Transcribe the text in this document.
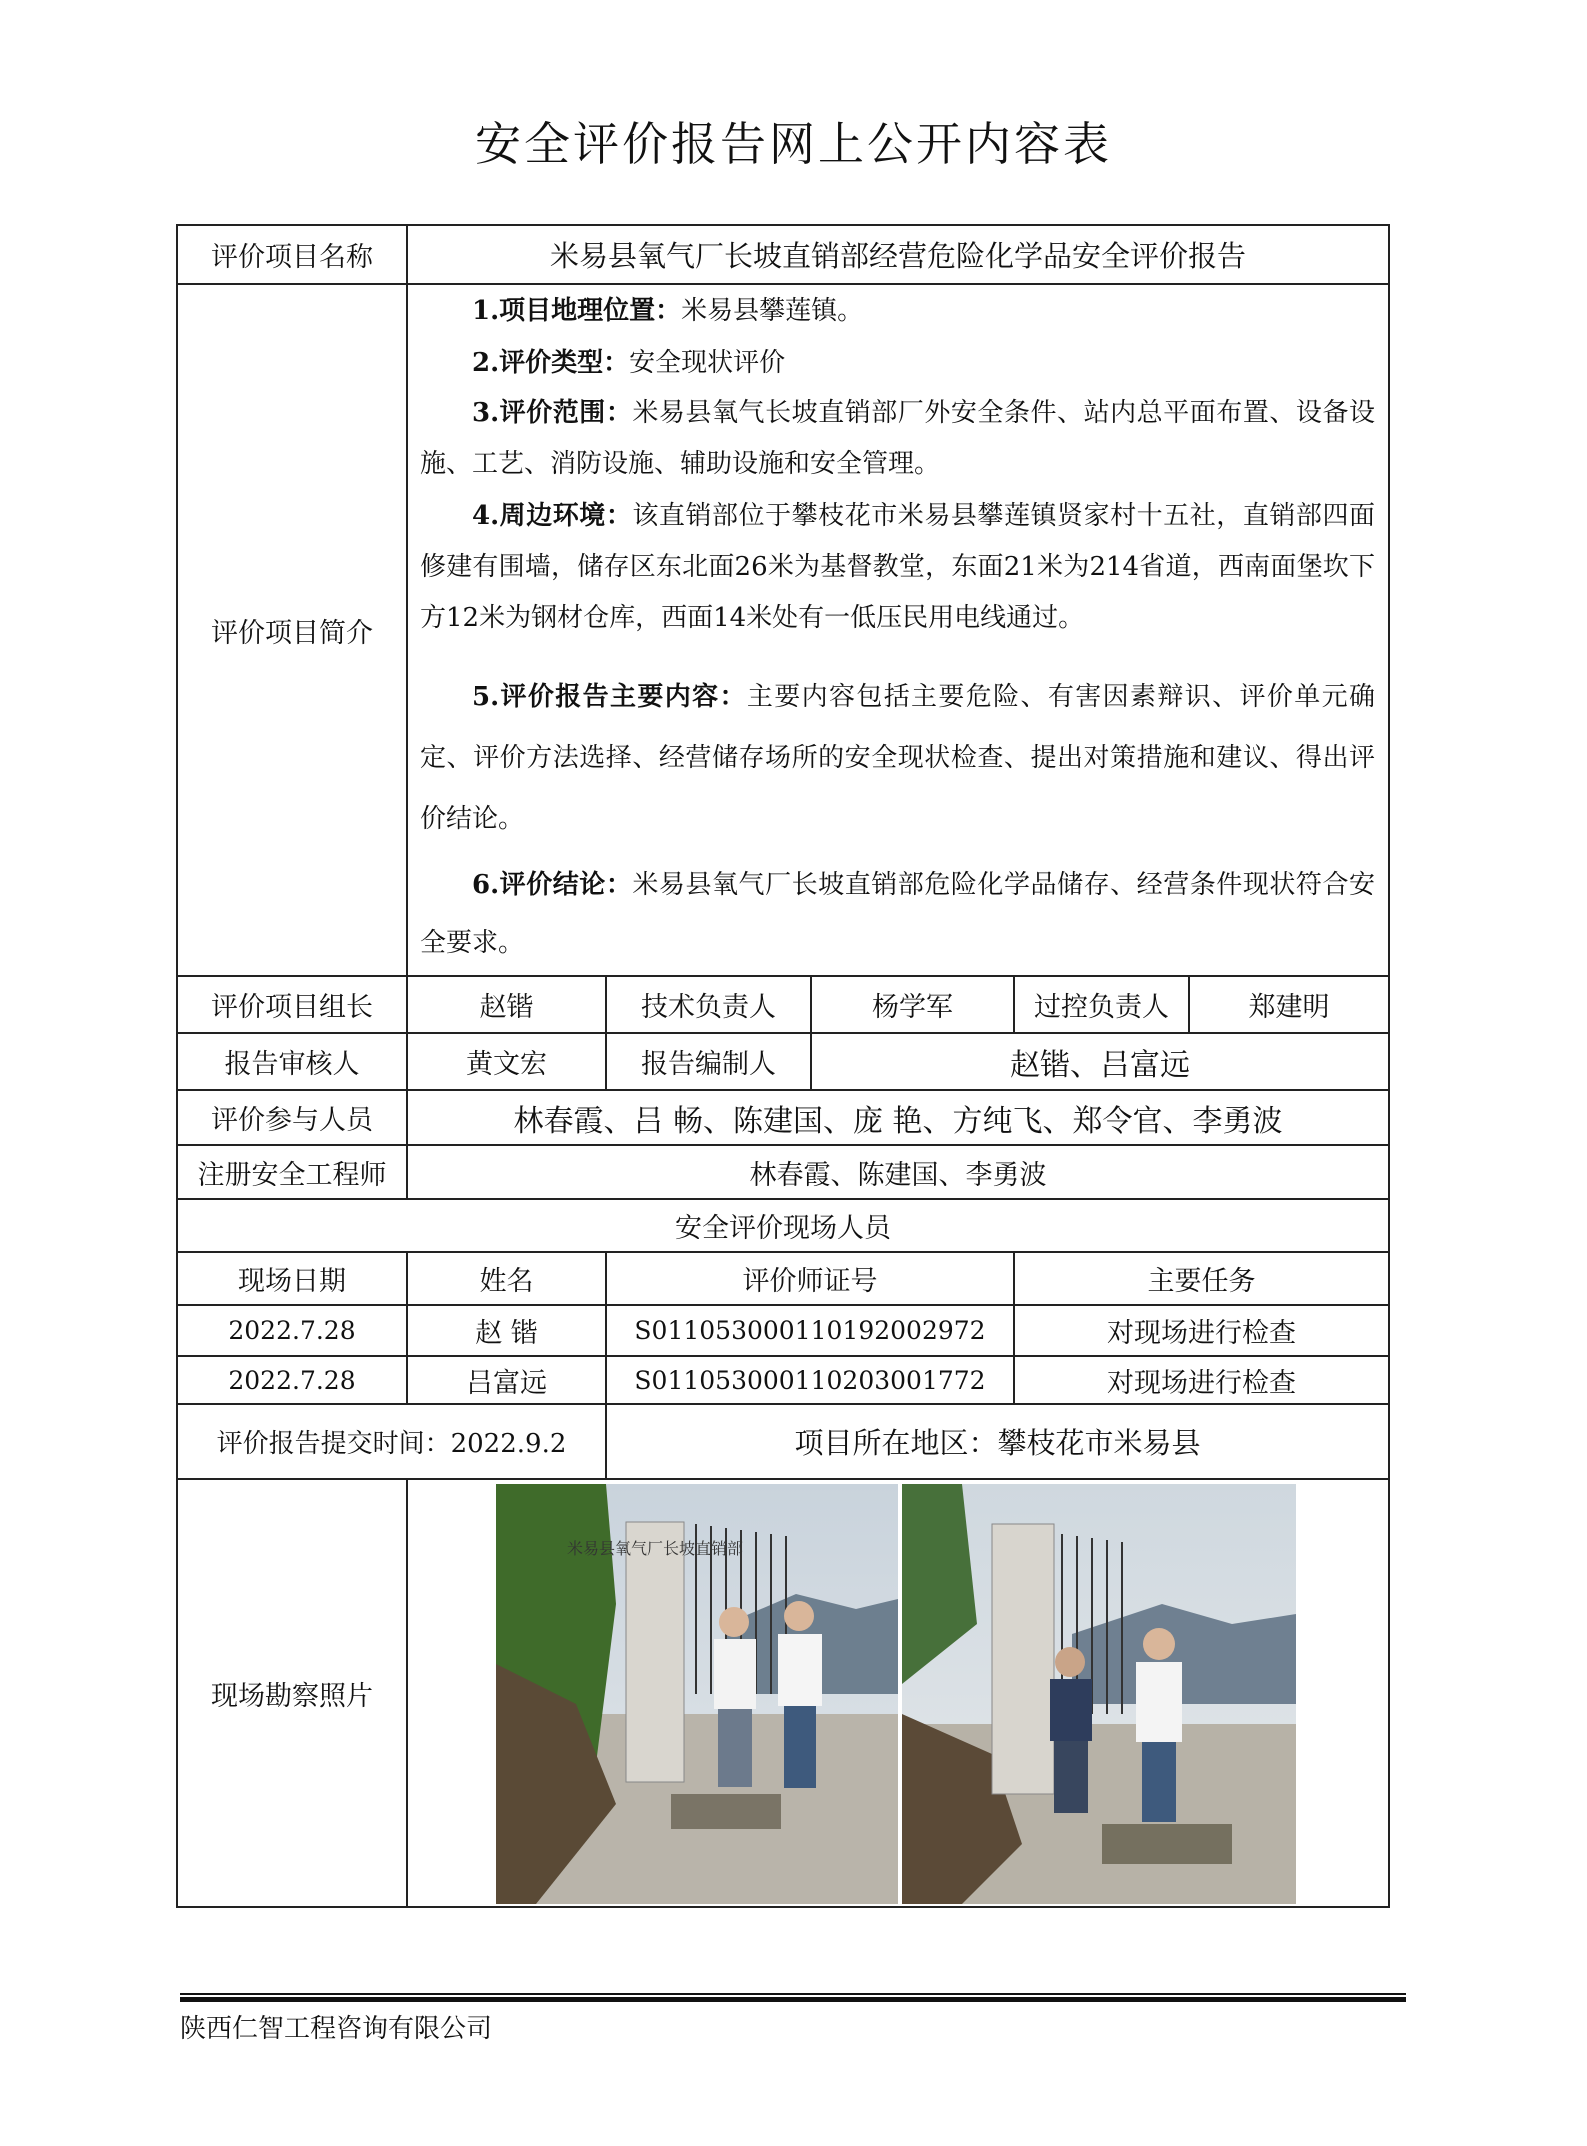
安全评价报告网上公开内容表
评价项目名称	米易县氧气厂长坡直销部经营危险化学品安全评价报告
评价项目简介
1.项目地理位置：米易县攀莲镇。
2.评价类型：安全现状评价
3.评价范围：米易县氧气长坡直销部厂外安全条件、站内总平面布置、设备设施、工艺、消防设施、辅助设施和安全管理。
4.周边环境：该直销部位于攀枝花市米易县攀莲镇贤家村十五社，直销部四面修建有围墙，储存区东北面26米为基督教堂，东面21米为214省道，西南面堡坎下方12米为钢材仓库，西面14米处有一低压民用电线通过。
5.评价报告主要内容：主要内容包括主要危险、有害因素辩识、评价单元确定、评价方法选择、经营储存场所的安全现状检查、提出对策措施和建议、得出评价结论。
6.评价结论：米易县氧气厂长坡直销部危险化学品储存、经营条件现状符合安全要求。
评价项目组长	赵锴	技术负责人	杨学军	过控负责人	郑建明
报告审核人	黄文宏	报告编制人	赵锴、吕富远
评价参与人员	林春霞、吕 畅、陈建国、庞 艳、方纯飞、郑令官、李勇波
注册安全工程师	林春霞、陈建国、李勇波
安全评价现场人员
现场日期	姓名	评价师证号	主要任务
2022.7.28	赵 锴	S011053000110192002972	对现场进行检查
2022.7.28	吕富远	S011053000110203001772	对现场进行检查
评价报告提交时间：2022.9.2	项目所在地区：攀枝花市米易县
现场勘察照片
米易县氧气厂长坡直销部
陕西仁智工程咨询有限公司
